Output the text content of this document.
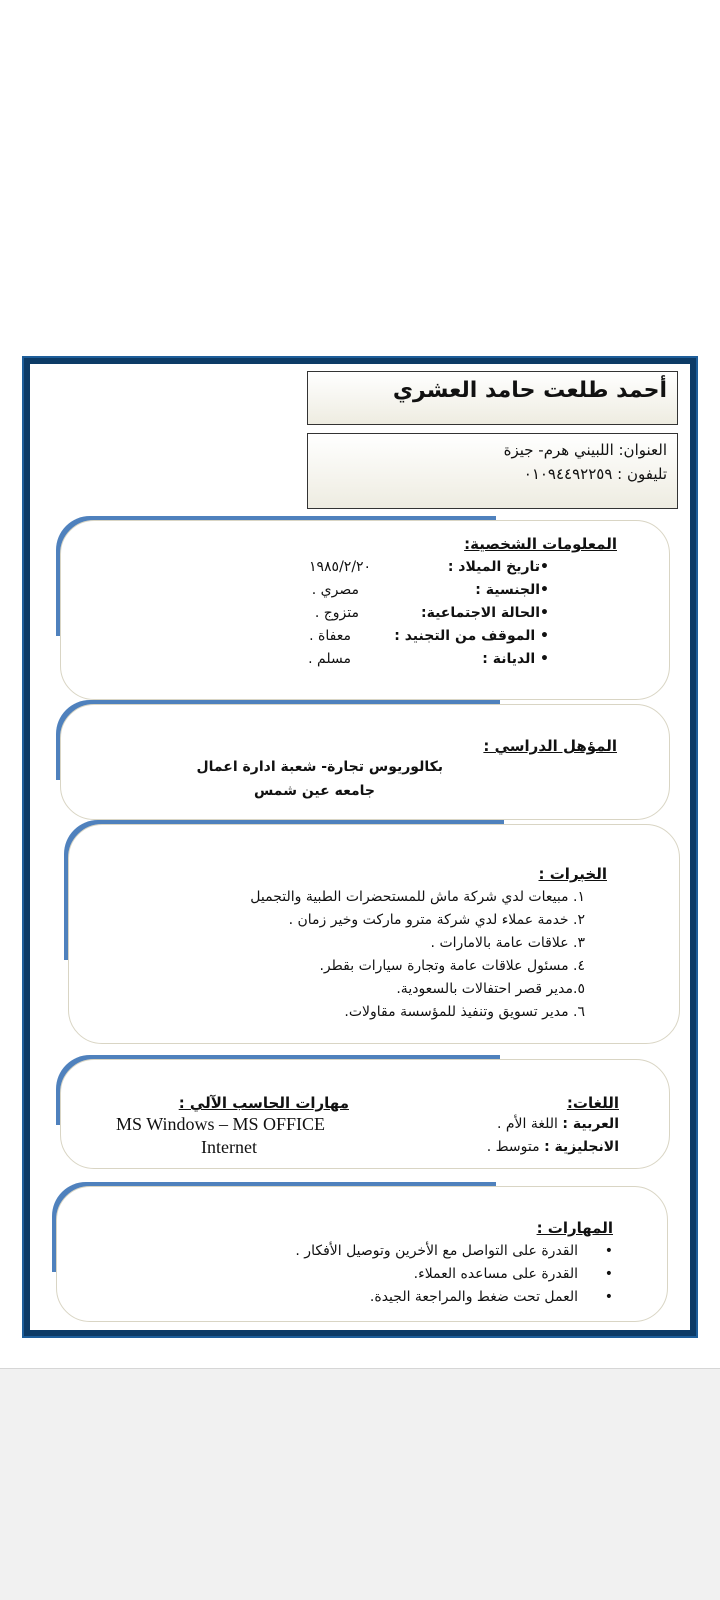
أحمد طلعت حامد العشري
العنوان: اللبيني هرم- جيزة
تليفون : ٠١٠٩٤٤٩٢٢٥٩
المعلومات الشخصية:
•تاريخ الميلاد :
١٩٨٥/٢/٢٠
•الجنسية :
مصري .
•الحالة الاجتماعية:
متزوج .
• الموقف من التجنيد :
معفاة .
• الديانة :
مسلم .
المؤهل الدراسي :
بكالوريوس تجارة- شعبة ادارة اعمال
جامعه عين شمس
الخبرات :
١. مبيعات لدي شركة ماش للمستحضرات الطبية والتجميل
٢. خدمة عملاء لدي شركة مترو ماركت وخير زمان .
٣. علاقات عامة بالامارات .
٤. مسئول علاقات عامة وتجارة سيارات بقطر.
٥.مدير قصر احتفالات بالسعودية.
٦. مدير تسويق وتنفيذ للمؤسسة مقاولات.
اللغات:
العربية : اللغة الأم .
الانجليزية : متوسط .
مهارات الحاسب الآلي :
MS Windows – MS OFFICE
Internet
المهارات :
•      القدرة على التواصل مع الأخرين وتوصيل الأفكار .
•      القدرة على مساعده العملاء.
•      العمل تحت ضغط والمراجعة الجيدة.
